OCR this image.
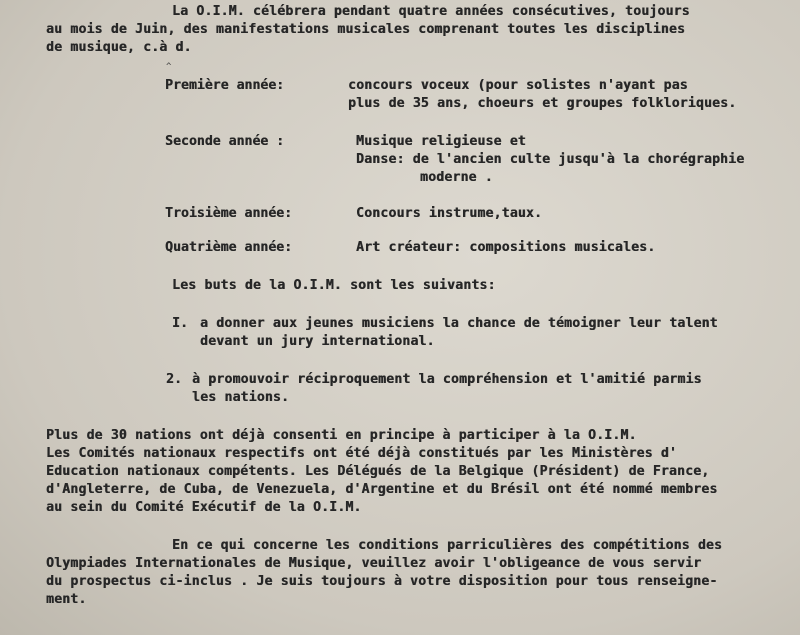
La O.I.M. célébrera pendant quatre années consécutives, toujours
au mois de Juin, des manifestations musicales comprenant toutes les disciplines
de musique, c.à d.
^
Première année:	concours voceux (pour solistes n'ayant pas
plus de 35 ans, choeurs et groupes folkloriques.
Seconde année :	Musique religieuse et
Danse: de l'ancien culte jusqu'à la chorégraphie
moderne .
Troisième année:	Concours instrume,taux.
Quatrième année:	Art créateur: compositions musicales.
Les buts de la O.I.M. sont les suivants:
I. a donner aux jeunes musiciens la chance de témoigner leur talent
devant un jury international.
2. à promouvoir réciproquement la compréhension et l'amitié parmis
les nations.
Plus de 30 nations ont déjà consenti en principe à participer à la O.I.M.
Les Comités nationaux respectifs ont été déjà constitués par les Ministères d'
Education nationaux compétents. Les Délégués de la Belgique (Président) de France,
d'Angleterre, de Cuba, de Venezuela, d'Argentine et du Brésil ont été nommé membres
au sein du Comité Exécutif de la O.I.M.
En ce qui concerne les conditions parriculières des compétitions des
Olympiades Internationales de Musique, veuillez avoir l'obligeance de vous servir
du prospectus ci-inclus . Je suis toujours à votre disposition pour tous renseigne-
ment.
